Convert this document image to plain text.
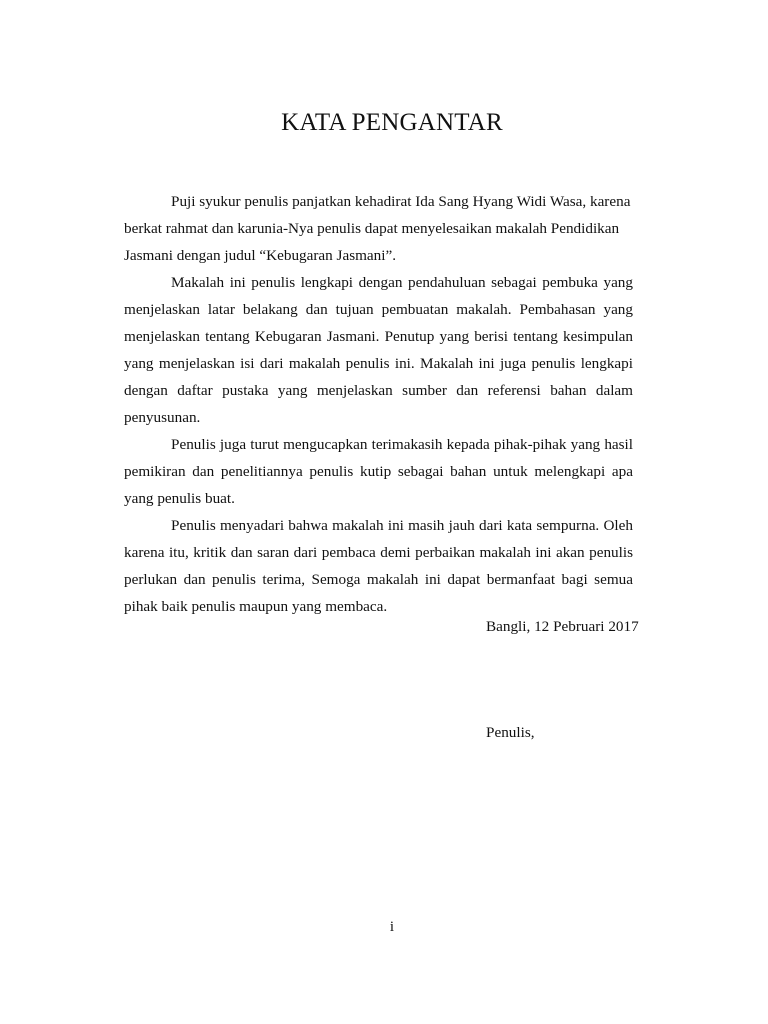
KATA PENGANTAR

Puji syukur penulis panjatkan kehadirat Ida Sang Hyang Widi Wasa, karena berkat rahmat dan karunia-Nya penulis dapat menyelesaikan makalah Pendidikan Jasmani dengan judul “Kebugaran Jasmani”.

Makalah ini penulis lengkapi dengan pendahuluan sebagai pembuka yang menjelaskan latar belakang dan tujuan pembuatan makalah. Pembahasan yang menjelaskan tentang Kebugaran Jasmani. Penutup yang berisi tentang kesimpulan yang menjelaskan isi dari makalah penulis ini. Makalah ini juga penulis lengkapi dengan daftar pustaka yang menjelaskan sumber dan referensi bahan dalam penyusunan.

Penulis juga turut mengucapkan terimakasih kepada pihak-pihak yang hasil pemikiran dan penelitiannya penulis kutip sebagai bahan untuk melengkapi apa yang penulis buat.

Penulis menyadari bahwa makalah ini masih jauh dari kata sempurna. Oleh karena itu, kritik dan saran dari pembaca demi perbaikan makalah ini akan penulis perlukan dan penulis terima, Semoga makalah ini dapat bermanfaat bagi semua pihak baik penulis maupun yang membaca.

Bangli, 12 Pebruari 2017

Penulis,

i
